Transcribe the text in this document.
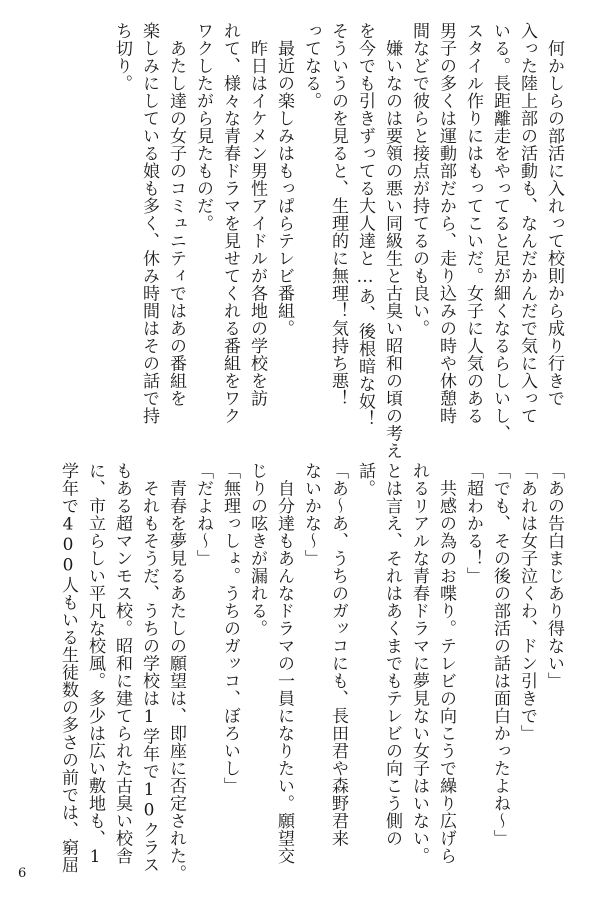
　何かしらの部活に入れって校則から成り行きで

入った陸上部の活動も、なんだかんだで気に入って

いる。長距離走をやってると足が細くなるらしいし、

スタイル作りにはもってこいだ。女子に人気のある

男子の多くは運動部だから、走り込みの時や休憩時

間などで彼らと接点が持てるのも良い。

　嫌いなのは要領の悪い同級生と古臭い昭和の頃の考え

を今でも引きずってる大人達と…あ、後根暗な奴！

そういうのを見ると、生理的に無理！気持ち悪！

ってなる。

　最近の楽しみはもっぱらテレビ番組。

　昨日はイケメン男性アイドルが各地の学校を訪

れて、様々な青春ドラマを見せてくれる番組をワク

ワクしたがら見たものだ。

　あたし達の女子のコミュニティではあの番組を

楽しみにしている娘も多く、休み時間はその話で持

ち切り。

「あの告白まじあり得ない」

「あれは女子泣くわ、ドン引きで」

「でも、その後の部活の話は面白かったよね～」

「超わかる！」

　共感の為のお喋り。テレビの向こうで繰り広げら

れるリアルな青春ドラマに夢見ない女子はいない。

とは言え、それはあくまでもテレビの向こう側の

話。

「あ～あ、うちのガッコにも、長田君や森野君来

ないかな～」

　自分達もあんなドラマの一員になりたい。願望交

じりの呟きが漏れる。

「無理っしょ。うちのガッコ、ぼろいし」

「だよね～」

　青春を夢見るあたしの願望は、即座に否定された。

　それもそうだ、うちの学校は1学年で10クラス

もある超マンモス校。昭和に建てられた古臭い校舎

に、市立らしい平凡な校風。多少は広い敷地も、1

学年で400人もいる生徒数の多さの前では、窮屈

6
